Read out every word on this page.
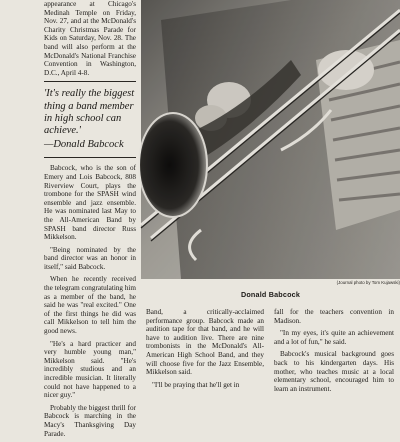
appearance at Chicago's Medinah Temple on Friday, Nov. 27, and at the McDonald's Charity Christmas Parade for Kids on Saturday, Nov. 28. The band will also perform at the McDonald's National Franchise Convention in Washington, D.C., April 4-8.

'It's really the biggest thing a band member in high school can achieve.'
—Donald Babcock

Babcock, who is the son of Emery and Lois Babcock, 808 Riverview Court, plays the trombone for the SPASH wind ensemble and jazz ensemble. He was nominated last May to the All-American Band by SPASH band director Russ Mikkelson.

"Being nominated by the band director was an honor in itself," said Babcock.

When he recently received the telegram congratulating him as a member of the band, he said he was "real excited." One of the first things he did was call Mikkelson to tell him the good news.

"He's a hard practicer and very humble young man," Mikkelson said. "He's incredibly studious and an incredible musician. It literally could not have happened to a nicer guy."

Probably the biggest thrill for Babcock is marching in the Macy's Thanksgiving Day Parade.

(Journal photo by Tom Kujawski)
Donald Babcock

Band, a critically-acclaimed performance group. Babcock made an audition tape for that band, and he will have to audition live. There are nine trombonists in the McDonald's All-American High School Band, and they will choose five for the Jazz Ensemble, Mikkelson said.

"I'll be praying that he'll get in

fall for the teachers convention in Madison.

"In my eyes, it's quite an achievement and a lot of fun," he said.

Babcock's musical background goes back to his kindergarten days. His mother, who teaches music at a local elementary school, encouraged him to learn an instrument.
